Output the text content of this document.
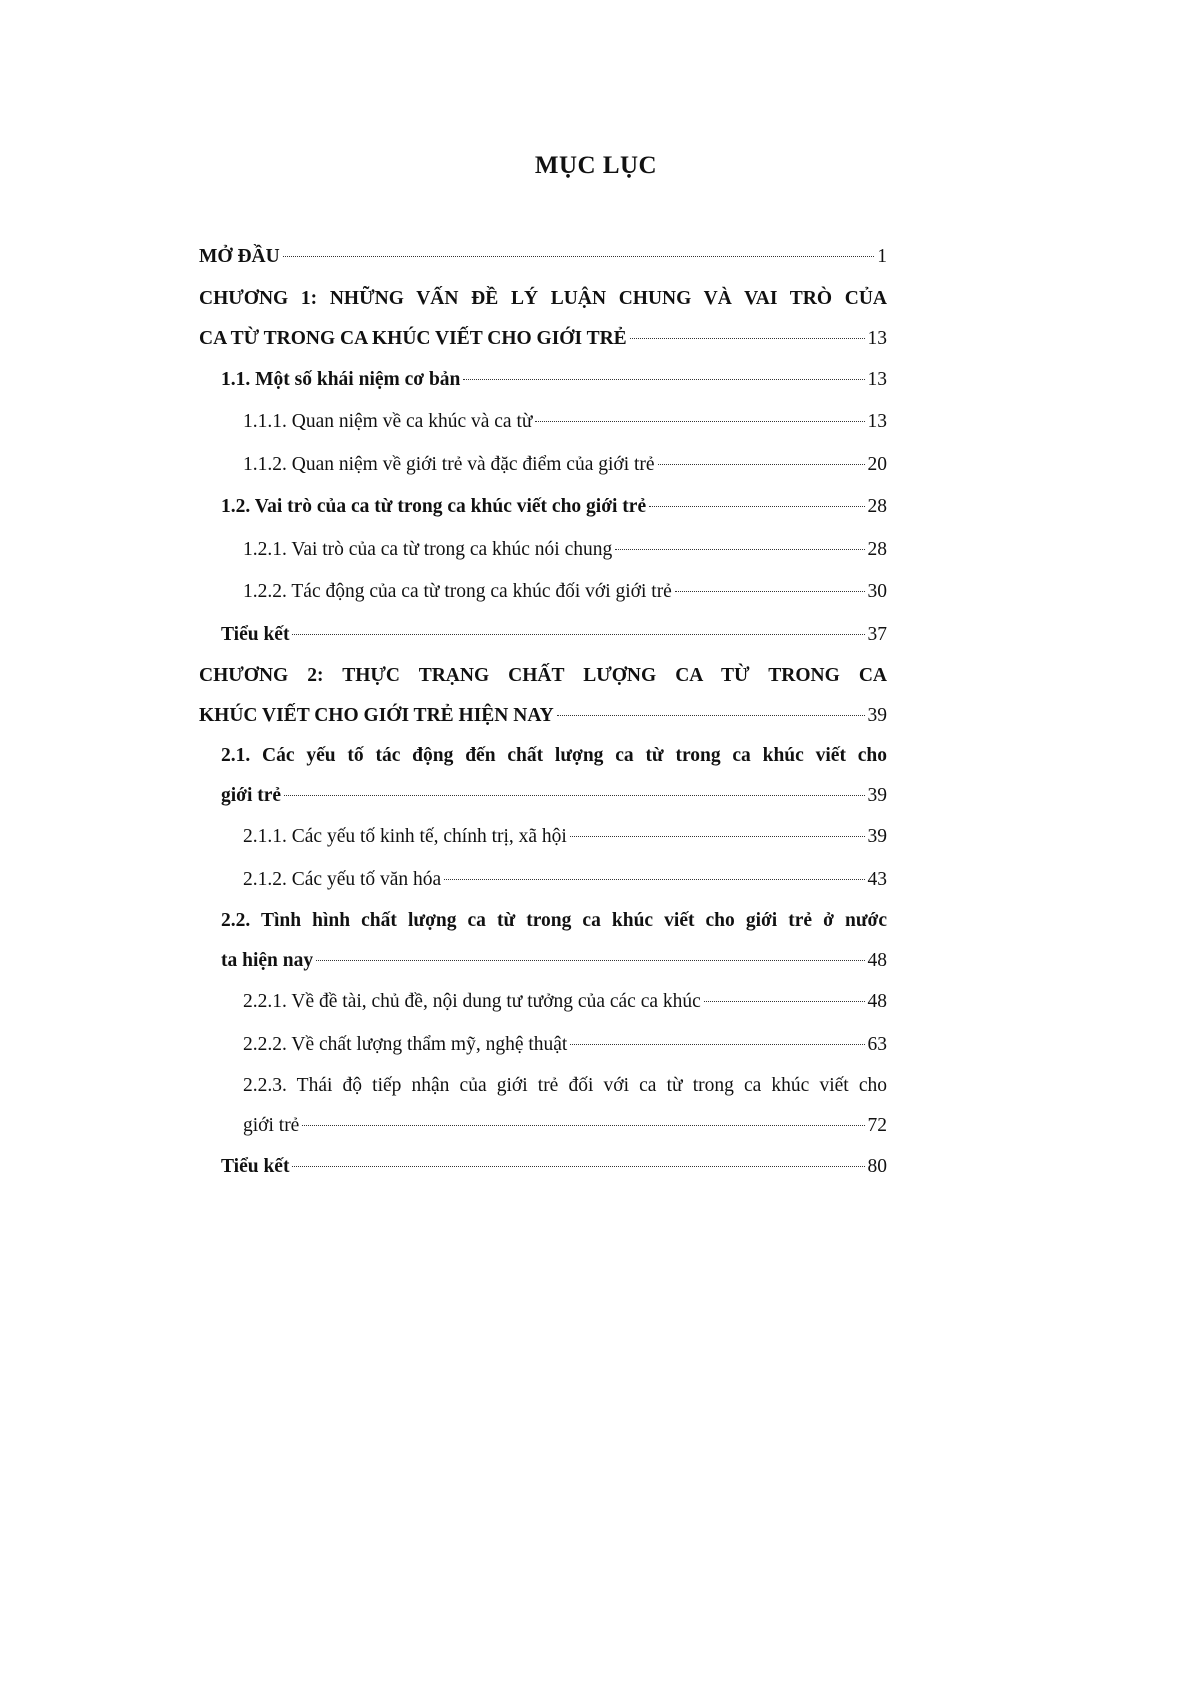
MỤC LỤC
MỞ ĐẦU	1
CHƯƠNG 1: NHỮNG VẤN ĐỀ LÝ LUẬN CHUNG VÀ VAI TRÒ CỦA
CA TỪ TRONG CA KHÚC VIẾT CHO GIỚI TRẺ	13
1.1. Một số khái niệm cơ bản	13
1.1.1. Quan niệm về ca khúc và ca từ	13
1.1.2. Quan niệm về giới trẻ và đặc điểm của giới trẻ	20
1.2. Vai trò của ca từ trong ca khúc viết cho giới trẻ	28
1.2.1. Vai trò của ca từ trong ca khúc nói chung	28
1.2.2. Tác động của ca từ trong ca khúc đối với giới trẻ	30
Tiểu kết	37
CHƯƠNG 2: THỰC TRẠNG CHẤT LƯỢNG CA TỪ TRONG CA
KHÚC VIẾT CHO GIỚI TRẺ HIỆN NAY	39
2.1. Các yếu tố tác động đến chất lượng ca từ trong ca khúc viết cho
giới trẻ	39
2.1.1. Các yếu tố kinh tế, chính trị, xã hội	39
2.1.2. Các yếu tố văn hóa	43
2.2. Tình hình chất lượng ca từ trong ca khúc viết cho giới trẻ ở nước
ta hiện nay	48
2.2.1. Về đề tài, chủ đề, nội dung tư tưởng của các ca khúc	48
2.2.2. Về chất lượng thẩm mỹ, nghệ thuật	63
2.2.3. Thái độ tiếp nhận của giới trẻ đối với ca từ trong ca khúc viết cho
giới trẻ	72
Tiểu kết	80
